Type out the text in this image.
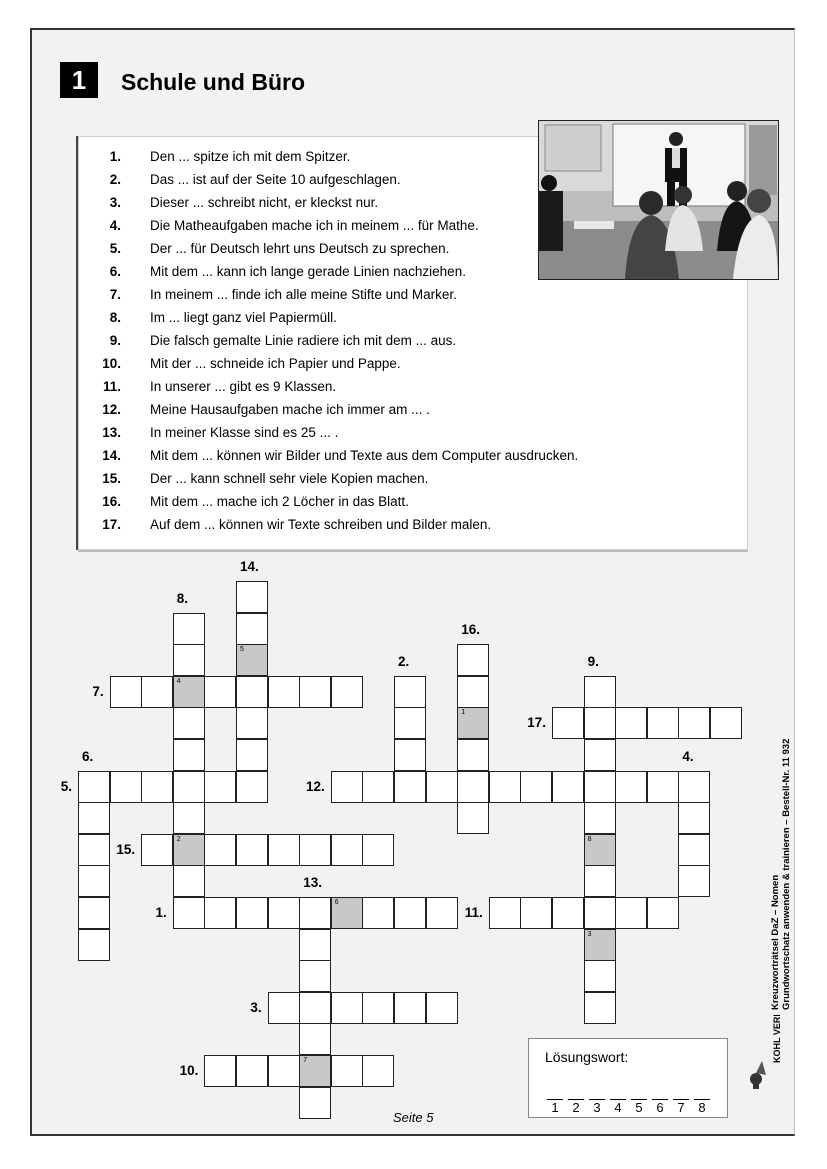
1	Schule und Büro
1. Den ... spitze ich mit dem Spitzer.
2. Das ... ist auf der Seite 10 aufgeschlagen.
3. Dieser ... schreibt nicht, er kleckst nur.
4. Die Matheaufgaben mache ich in meinem ... für Mathe.
5. Der ... für Deutsch lehrt uns Deutsch zu sprechen.
6. Mit dem ... kann ich lange gerade Linien nachziehen.
7. In meinem ... finde ich alle meine Stifte und Marker.
8. Im ... liegt ganz viel Papiermüll.
9. Die falsch gemalte Linie radiere ich mit dem ... aus.
10. Mit der ... schneide ich Papier und Pappe.
11. In unserer ... gibt es 9 Klassen.
12. Meine Hausaufgaben mache ich immer am ... .
13. In meiner Klasse sind es 25 ... .
14. Mit dem ... können wir Bilder und Texte aus dem Computer ausdrucken.
15. Der ... kann schnell sehr viele Kopien machen.
16. Mit dem ... mache ich 2 Löcher in das Blatt.
17. Auf dem ... können wir Texte schreiben und Bilder malen.
6
4
2	8
3
7
5
1
1.
2.
3.
4.
5.
6.
7.
8.
9.
10.
11.
12.
13.
14.
15.
16.
17.
Seite 5
Lösungswort:
1	2	3	4	5	6	7	8
Kreuzworträtsel DaZ – Nomen Grundwortschatz anwenden & trainieren – Bestell-Nr. 11 932
KOHL VERLAG
